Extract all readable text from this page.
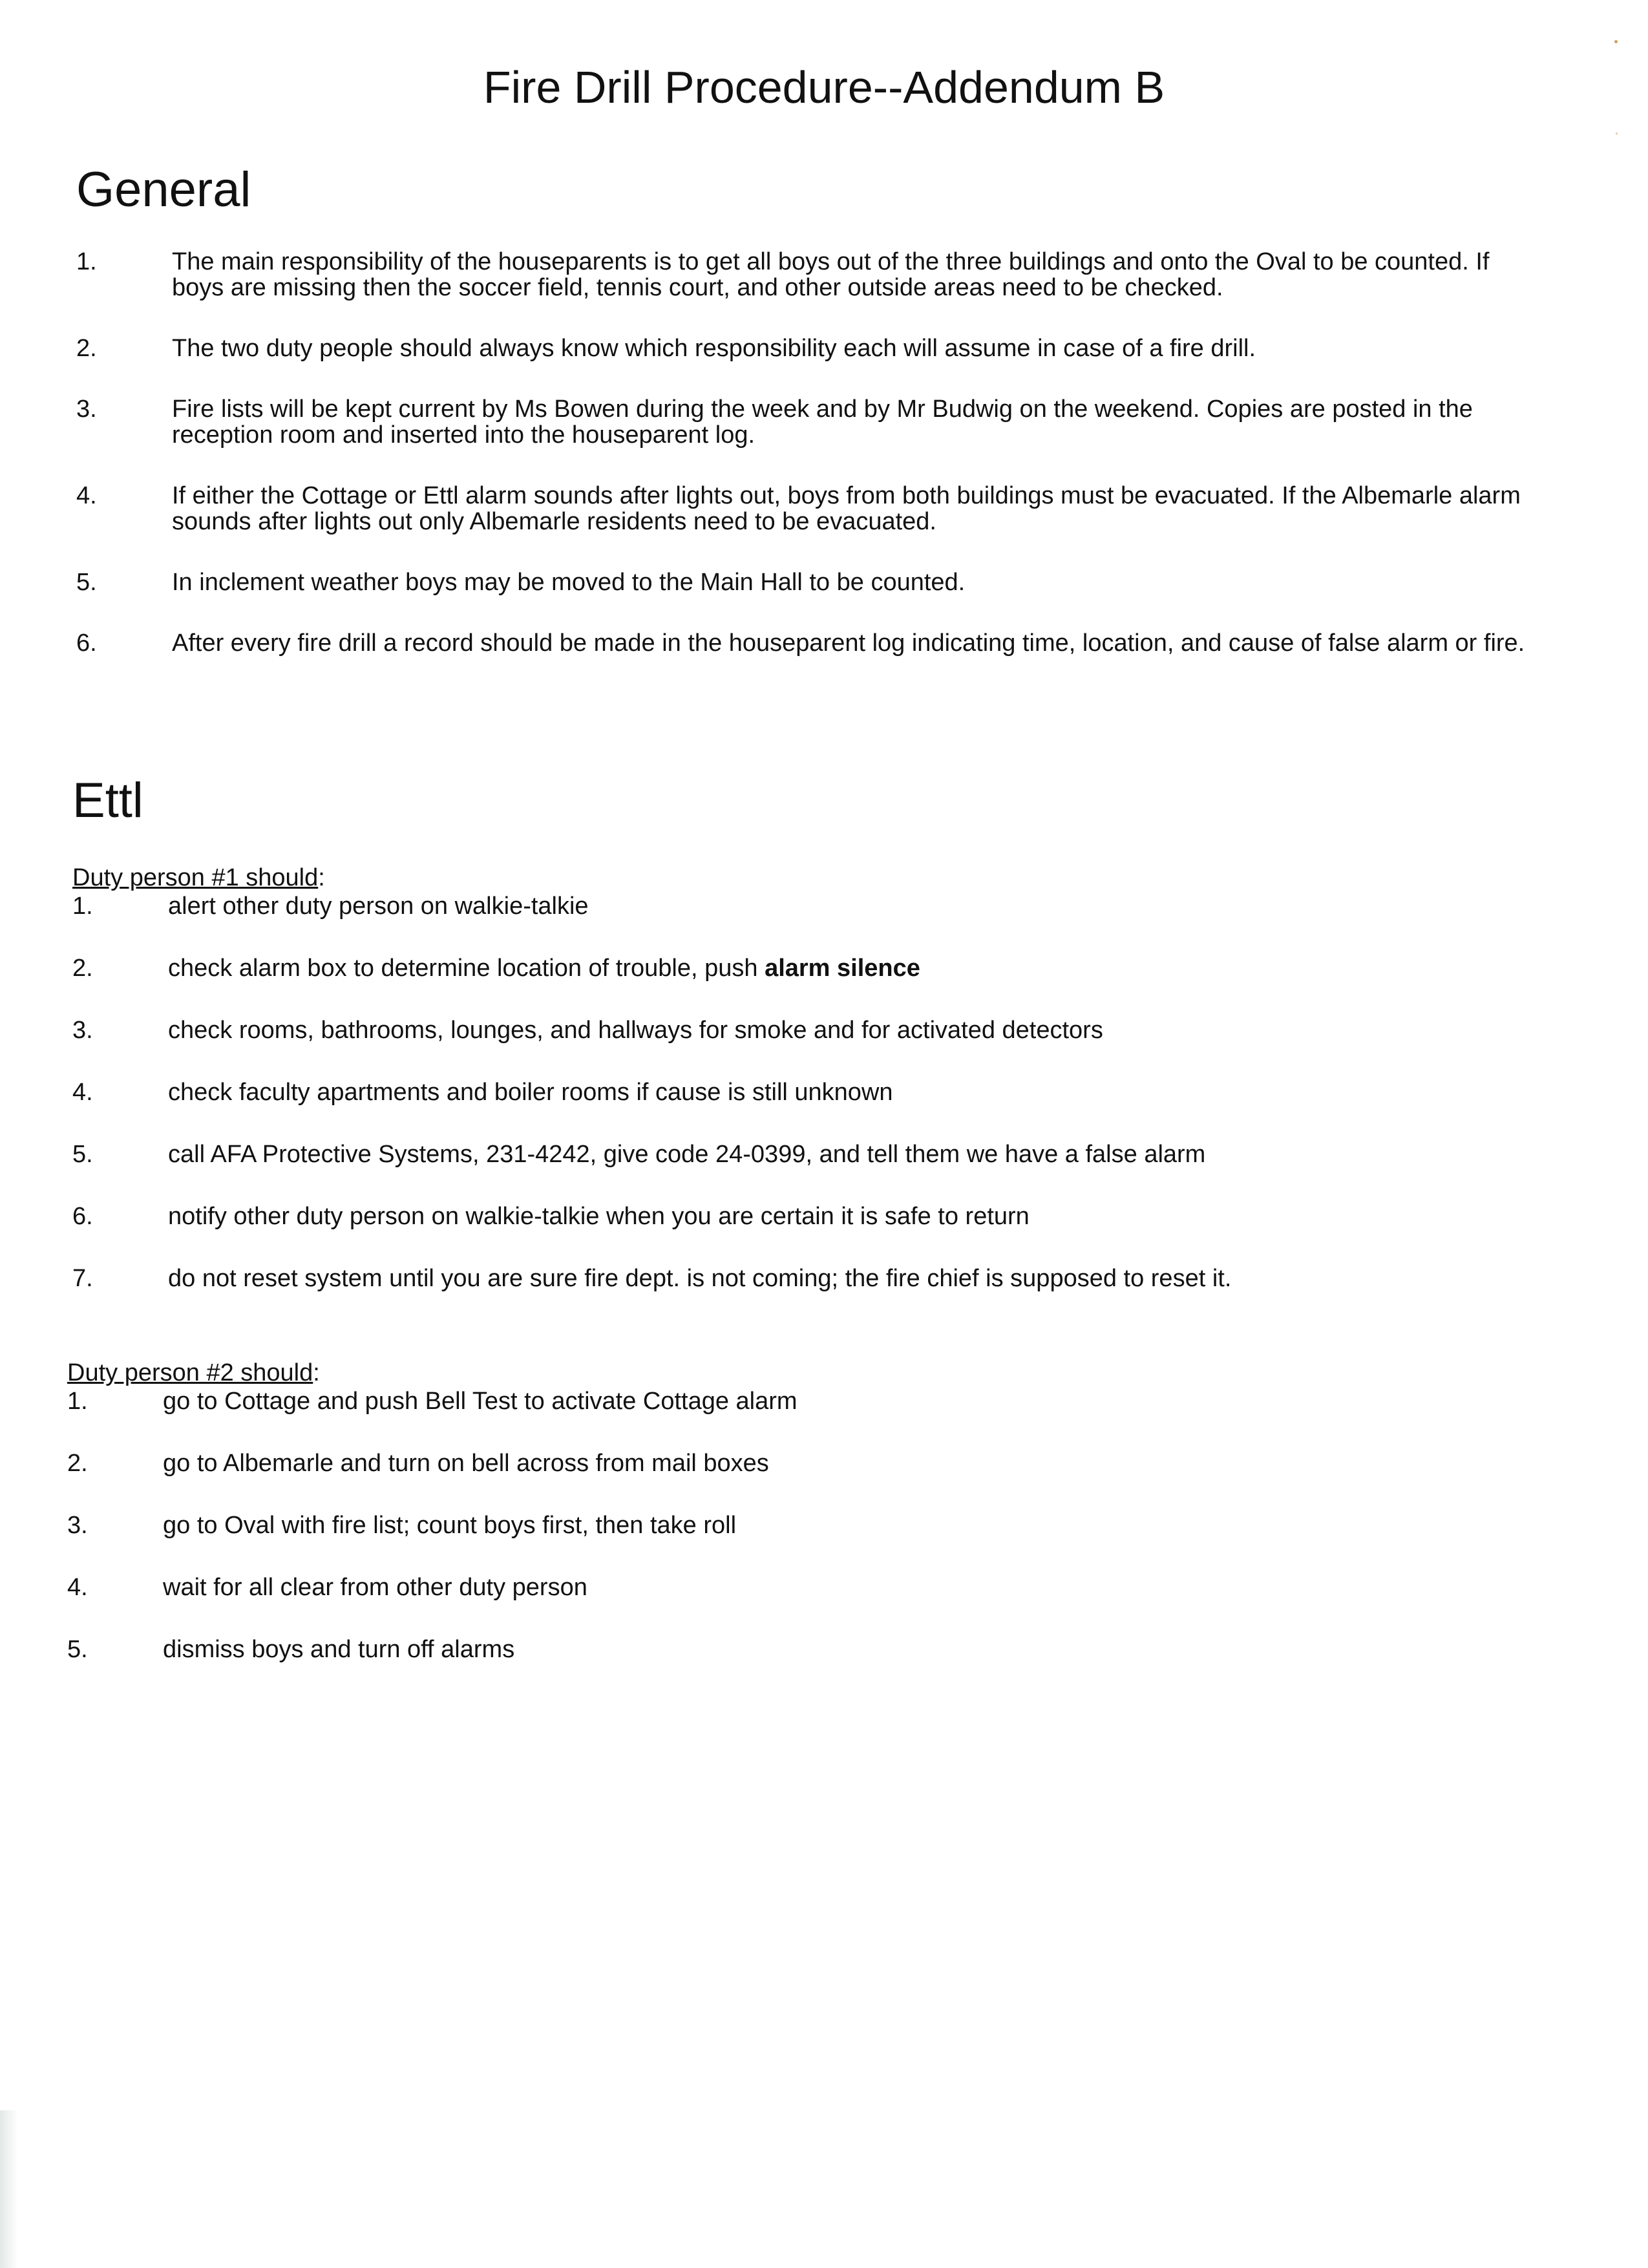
Fire Drill Procedure--Addendum B
General
1.	The main responsibility of the houseparents is to get all boys out of the three buildings and onto the Oval to be counted. If boys are missing then the soccer field, tennis court, and other outside areas need to be checked.
2.	The two duty people should always know which responsibility each will assume in case of a fire drill.
3.	Fire lists will be kept current by Ms Bowen during the week and by Mr Budwig on the weekend. Copies are posted in the reception room and inserted into the houseparent log.
4.	If either the Cottage or Ettl alarm sounds after lights out, boys from both buildings must be evacuated. If the Albemarle alarm sounds after lights out only Albemarle residents need to be evacuated.
5.	In inclement weather boys may be moved to the Main Hall to be counted.
6.	After every fire drill a record should be made in the houseparent log indicating time, location, and cause of false alarm or fire.
Ettl

Duty person #1 should:

1.	alert other duty person on walkie-talkie
2.	check alarm box to determine location of trouble, push alarm silence
3.	check rooms, bathrooms, lounges, and hallways for smoke and for activated detectors
4.	check faculty apartments and boiler rooms if cause is still unknown
5.	call AFA Protective Systems, 231-4242, give code 24-0399, and tell them we have a false alarm
6.	notify other duty person on walkie-talkie when you are certain it is safe to return
7.	do not reset system until you are sure fire dept. is not coming; the fire chief is supposed to reset it.

Duty person #2 should:

1.	go to Cottage and push Bell Test to activate Cottage alarm
2.	go to Albemarle and turn on bell across from mail boxes
3.	go to Oval with fire list; count boys first, then take roll
4.	wait for all clear from other duty person
5.	dismiss boys and turn off alarms
